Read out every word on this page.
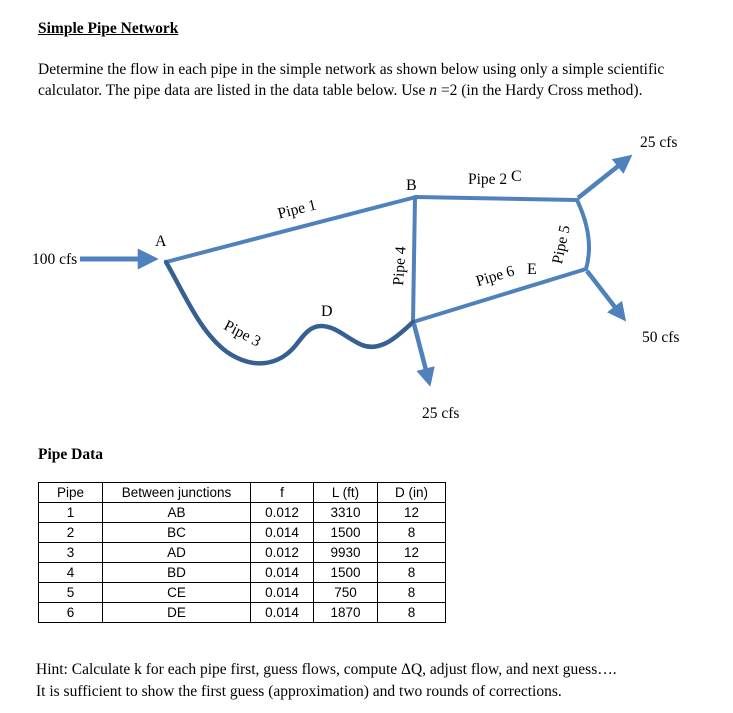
Simple Pipe Network
Determine the flow in each pipe in the simple network as shown below using only a simple scientific
calculator. The pipe data are listed in the data table below. Use n =2 (in the Hardy Cross method).
100 cfs
25 cfs
50 cfs
25 cfs
A
B
C
D
E
Pipe 1
Pipe 2
Pipe 3
Pipe 4
Pipe 5
Pipe 6
Pipe Data
Pipe	Between junctions	f	L (ft)	D (in)
1	AB	0.012	3310	12
2	BC	0.014	1500	8
3	AD	0.012	9930	12
4	BD	0.014	1500	8
5	CE	0.014	750	8
6	DE	0.014	1870	8
Hint: Calculate k for each pipe first, guess flows, compute ΔQ, adjust flow, and next guess….
It is sufficient to show the first guess (approximation) and two rounds of corrections.
